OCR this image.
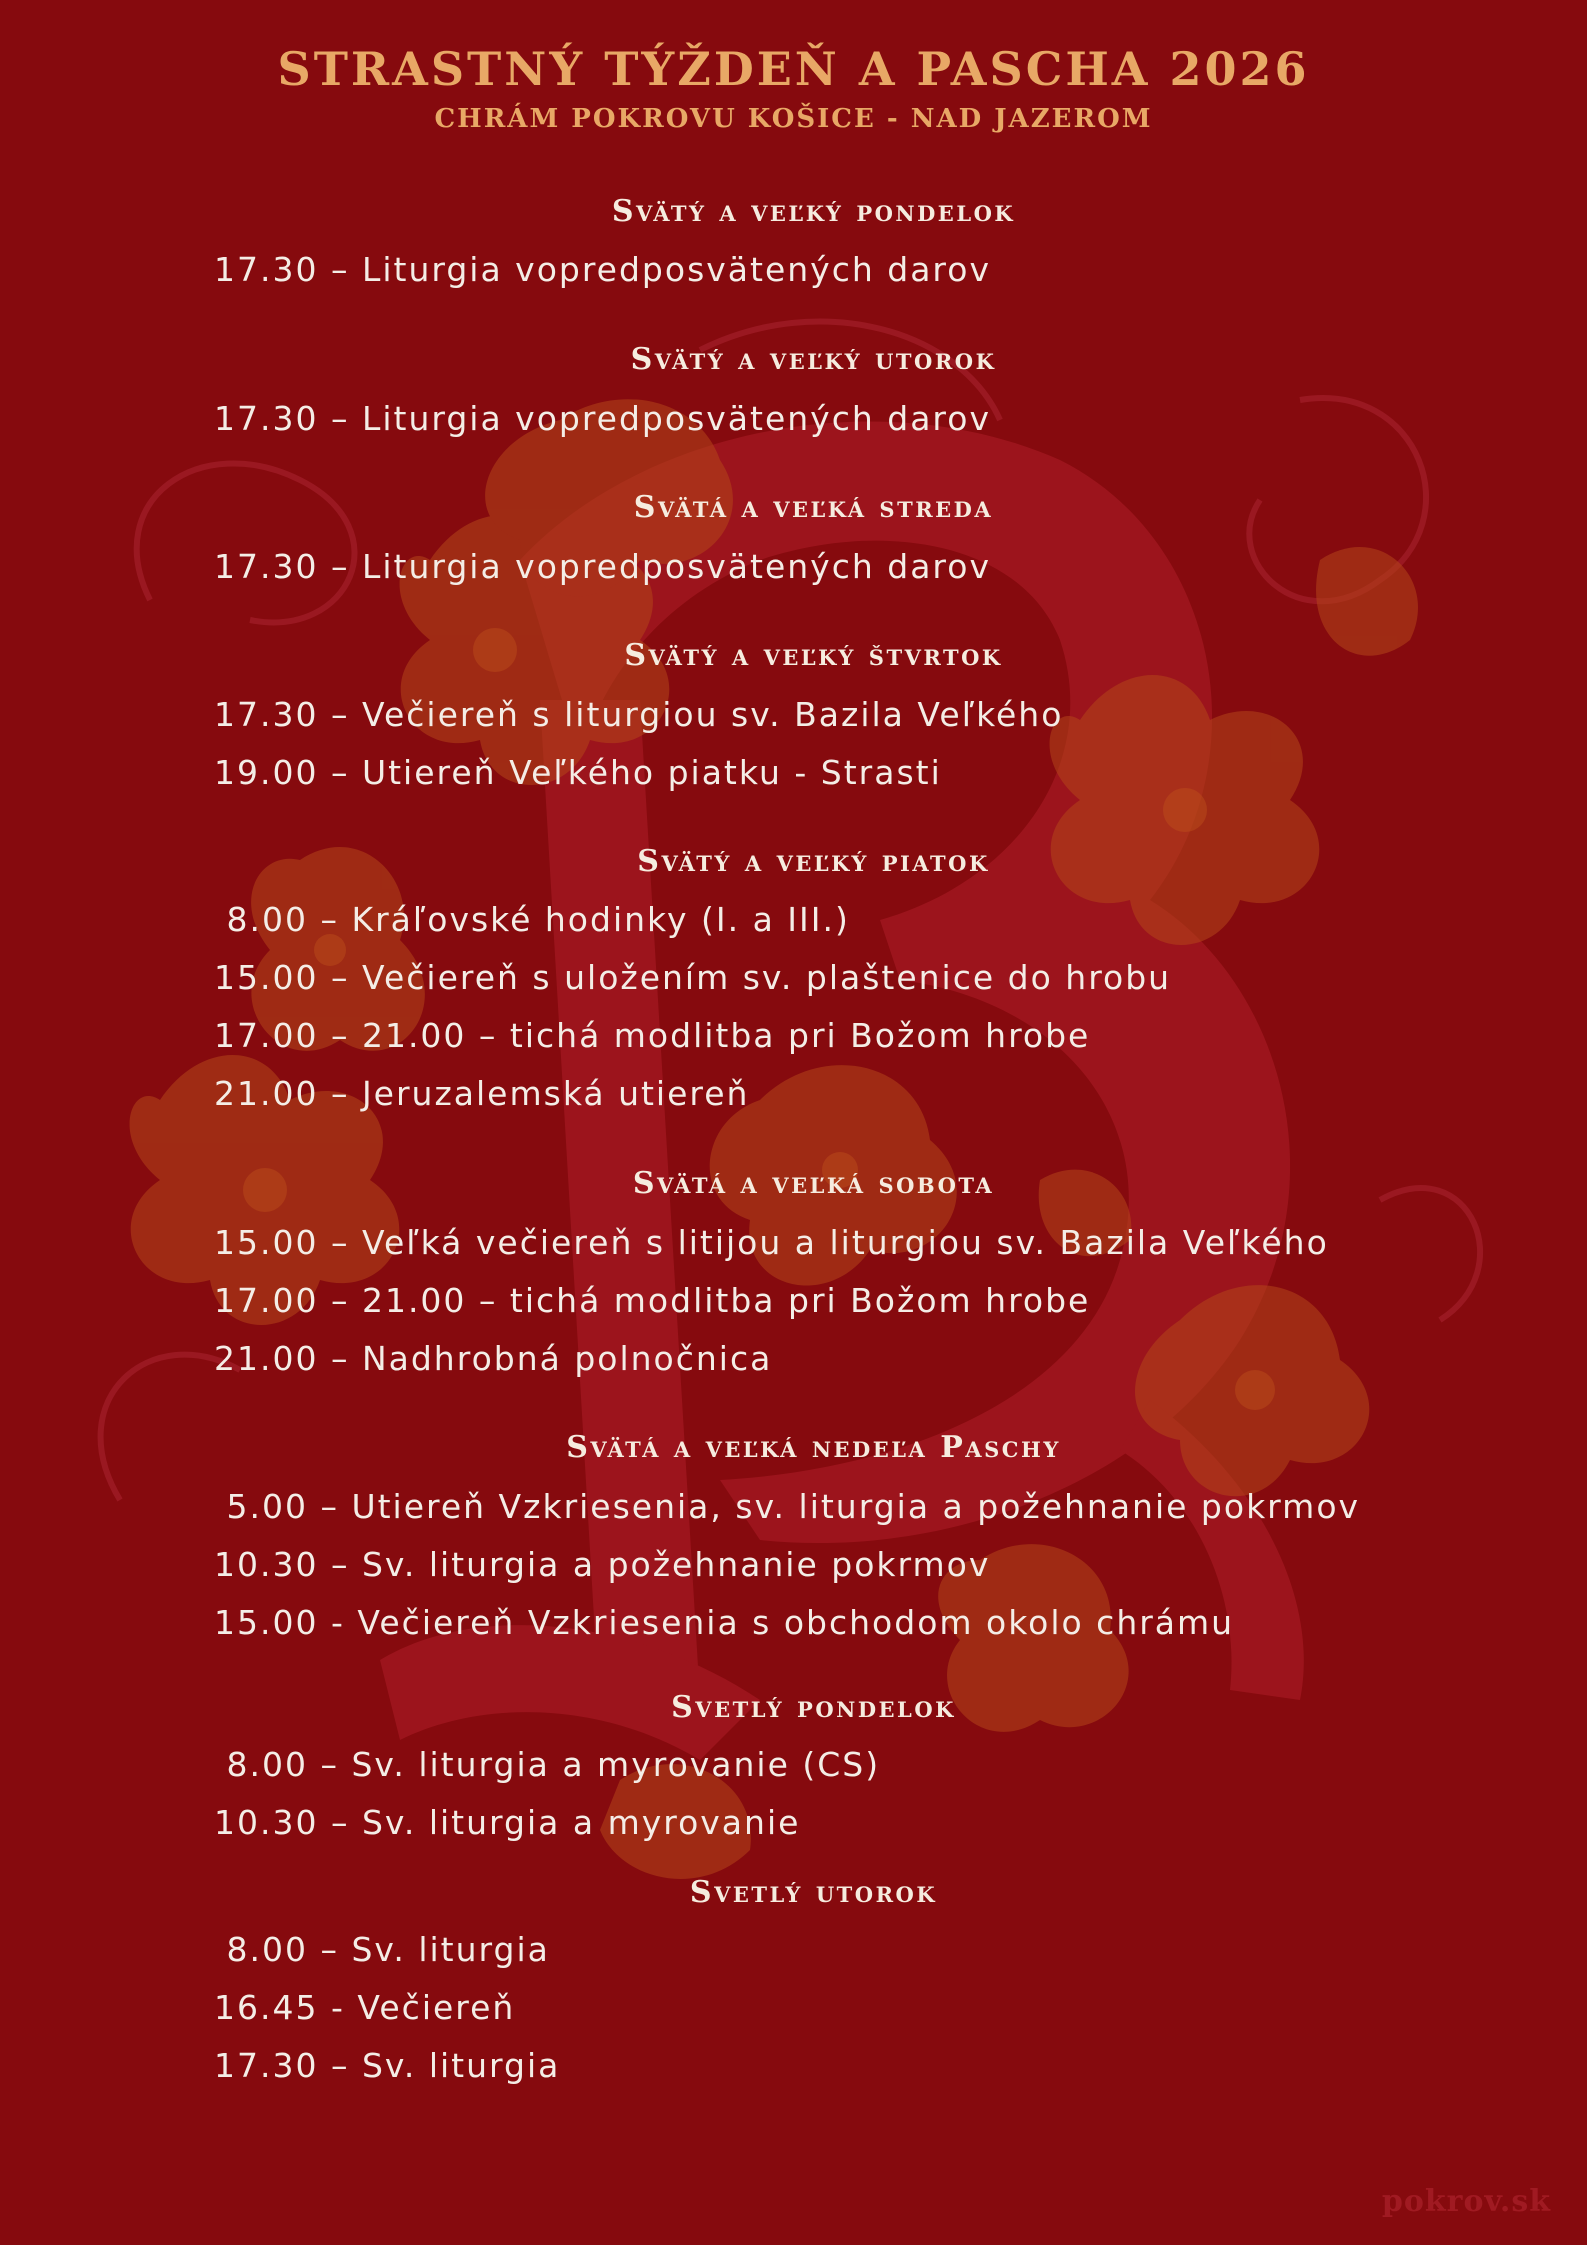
STRASTNÝ TÝŽDEŇ A PASCHA 2026
CHRÁM POKROVU KOŠICE - NAD JAZEROM
Svätý a veľký pondelok
17.30 – Liturgia vopredposvätených darov
Svätý a veľký utorok
17.30 – Liturgia vopredposvätených darov
Svätá a veľká streda
17.30 – Liturgia vopredposvätených darov
Svätý a veľký štvrtok
17.30 – Večiereň s liturgiou sv. Bazila Veľkého
19.00 – Utiereň Veľkého piatku - Strasti
Svätý a veľký piatok
8.00 – Kráľovské hodinky (I. a III.)
15.00 – Večiereň s uložením sv. plaštenice do hrobu
17.00 – 21.00 – tichá modlitba pri Božom hrobe
21.00 – Jeruzalemská utiereň
Svätá a veľká sobota
15.00 – Veľká večiereň s litijou a liturgiou sv. Bazila Veľkého
17.00 – 21.00 – tichá modlitba pri Božom hrobe
21.00 – Nadhrobná polnočnica
Svätá a veľká nedeľa Paschy
5.00 – Utiereň Vzkriesenia, sv. liturgia a požehnanie pokrmov
10.30 – Sv. liturgia a požehnanie pokrmov
15.00 - Večiereň Vzkriesenia s obchodom okolo chrámu
Svetlý pondelok
8.00 – Sv. liturgia a myrovanie (CS)
10.30 – Sv. liturgia a myrovanie
Svetlý utorok
8.00 – Sv. liturgia
16.45 - Večiereň
17.30 – Sv. liturgia
pokrov.sk
